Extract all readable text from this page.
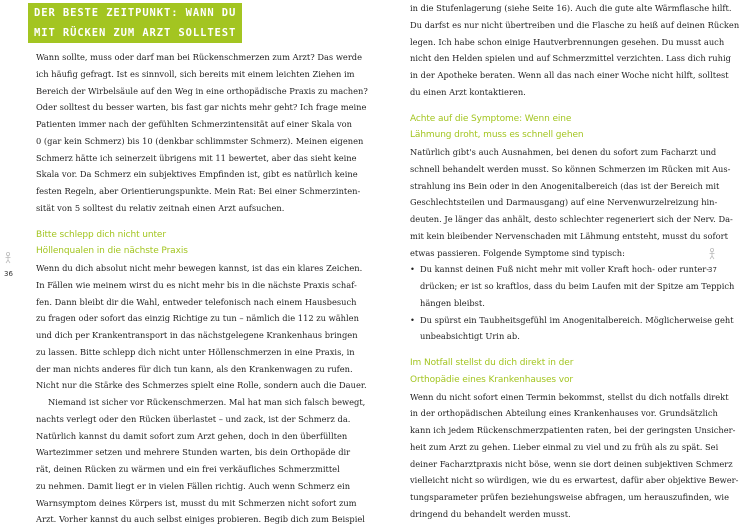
DER BESTE ZEITPUNKT: WANN DU
MIT RÜCKEN ZUM ARZT SOLLTEST
Wann sollte, muss oder darf man bei Rückenschmerzen zum Arzt? Das werde
ich häufig gefragt. Ist es sinnvoll, sich bereits mit einem leichten Ziehen im
Bereich der Wirbelsäule auf den Weg in eine orthopädische Praxis zu machen?
Oder solltest du besser warten, bis fast gar nichts mehr geht? Ich frage meine
Patienten immer nach der gefühlten Schmerzintensität auf einer Skala von
0 (gar kein Schmerz) bis 10 (denkbar schlimmster Schmerz). Meinen eigenen
Schmerz hätte ich seinerzeit übrigens mit 11 bewertet, aber das sieht keine
Skala vor. Da Schmerz ein subjektives Empfinden ist, gibt es natürlich keine
festen Regeln, aber Orientierungspunkte. Mein Rat: Bei einer Schmerzinten-
sität von 5 solltest du relativ zeitnah einen Arzt aufsuchen.
Bitte schlepp dich nicht unter
Höllenqualen in die nächste Praxis
Wenn du dich absolut nicht mehr bewegen kannst, ist das ein klares Zeichen.
In Fällen wie meinem wirst du es nicht mehr bis in die nächste Praxis schaf-
fen. Dann bleibt dir die Wahl, entweder telefonisch nach einem Hausbesuch
zu fragen oder sofort das einzig Richtige zu tun – nämlich die 112 zu wählen
und dich per Krankentransport in das nächstgelegene Krankenhaus bringen
zu lassen. Bitte schlepp dich nicht unter Höllenschmerzen in eine Praxis, in
der man nichts anderes für dich tun kann, als den Krankenwagen zu rufen.
Nicht nur die Stärke des Schmerzes spielt eine Rolle, sondern auch die Dauer.
Niemand ist sicher vor Rückenschmerzen. Mal hat man sich falsch bewegt,
nachts verlegt oder den Rücken überlastet – und zack, ist der Schmerz da.
Natürlich kannst du damit sofort zum Arzt gehen, doch in den überfüllten
Wartezimmer setzen und mehrere Stunden warten, bis dein Orthopäde dir
rät, deinen Rücken zu wärmen und ein frei verkäufliches Schmerzmittel
zu nehmen. Damit liegt er in vielen Fällen richtig. Auch wenn Schmerz ein
Warnsymptom deines Körpers ist, musst du mit Schmerzen nicht sofort zum
Arzt. Vorher kannst du auch selbst einiges probieren. Begib dich zum Beispiel
36	37
in die Stufenlagerung (siehe Seite 16). Auch die gute alte Wärmflasche hilft.
Du darfst es nur nicht übertreiben und die Flasche zu heiß auf deinen Rücken
legen. Ich habe schon einige Hautverbrennungen gesehen. Du musst auch
nicht den Helden spielen und auf Schmerzmittel verzichten. Lass dich ruhig
in der Apotheke beraten. Wenn all das nach einer Woche nicht hilft, solltest
du einen Arzt kontaktieren.
Achte auf die Symptome: Wenn eine
Lähmung droht, muss es schnell gehen
Natürlich gibt's auch Ausnahmen, bei denen du sofort zum Facharzt und
schnell behandelt werden musst. So können Schmerzen im Rücken mit Aus-
strahlung ins Bein oder in den Anogenitalbereich (das ist der Bereich mit
Geschlechtsteilen und Darmausgang) auf eine Nervenwurzelreizung hin-
deuten. Je länger das anhält, desto schlechter regeneriert sich der Nerv. Da-
mit kein bleibender Nervenschaden mit Lähmung entsteht, musst du sofort
etwas passieren. Folgende Symptome sind typisch:
• Du kannst deinen Fuß nicht mehr mit voller Kraft hoch- oder runter-
drücken; er ist so kraftlos, dass du beim Laufen mit der Spitze am Teppich
hängen bleibst.
• Du spürst ein Taubheitsgefühl im Anogenitalbereich. Möglicherweise geht
unbeabsichtigt Urin ab.
Im Notfall stellst du dich direkt in der
Orthopädie eines Krankenhauses vor
Wenn du nicht sofort einen Termin bekommst, stellst du dich notfalls direkt
in der orthopädischen Abteilung eines Krankenhauses vor. Grundsätzlich
kann ich jedem Rückenschmerzpatienten raten, bei der geringsten Unsicher-
heit zum Arzt zu gehen. Lieber einmal zu viel und zu früh als zu spät. Sei
deiner Facharztpraxis nicht böse, wenn sie dort deinen subjektiven Schmerz
vielleicht nicht so würdigen, wie du es erwartest, dafür aber objektive Bewer-
tungsparameter prüfen beziehungsweise abfragen, um herauszufinden, wie
dringend du behandelt werden musst.
